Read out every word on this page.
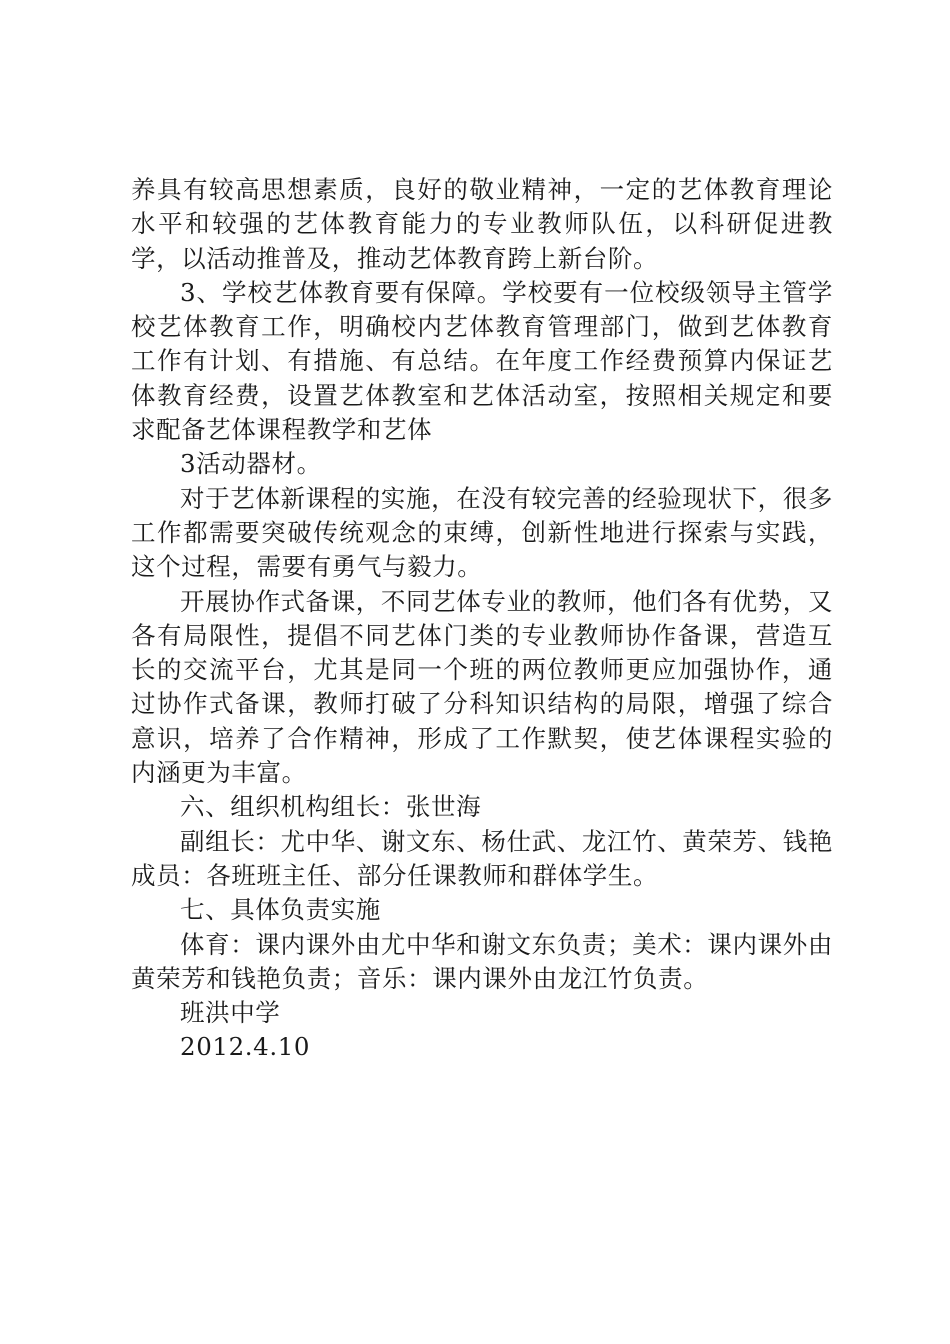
养具有较高思想素质，良好的敬业精神，一定的艺体教育理论水平和较强的艺体教育能力的专业教师队伍，以科研促进教学，以活动推普及，推动艺体教育跨上新台阶。

3、学校艺体教育要有保障。学校要有一位校级领导主管学校艺体教育工作，明确校内艺体教育管理部门，做到艺体教育工作有计划、有措施、有总结。在年度工作经费预算内保证艺体教育经费，设置艺体教室和艺体活动室，按照相关规定和要求配备艺体课程教学和艺体

3活动器材。

对于艺体新课程的实施，在没有较完善的经验现状下，很多工作都需要突破传统观念的束缚，创新性地进行探索与实践，这个过程，需要有勇气与毅力。

开展协作式备课，不同艺体专业的教师，他们各有优势，又各有局限性，提倡不同艺体门类的专业教师协作备课，营造互长的交流平台，尤其是同一个班的两位教师更应加强协作，通过协作式备课，教师打破了分科知识结构的局限，增强了综合意识，培养了合作精神，形成了工作默契，使艺体课程实验的内涵更为丰富。

六、组织机构组长：张世海

副组长：尤中华、谢文东、杨仕武、龙江竹、黄荣芳、钱艳成员：各班班主任、部分任课教师和群体学生。

七、具体负责实施

体育：课内课外由尤中华和谢文东负责；美术：课内课外由黄荣芳和钱艳负责；音乐：课内课外由龙江竹负责。

班洪中学

2012.4.10
